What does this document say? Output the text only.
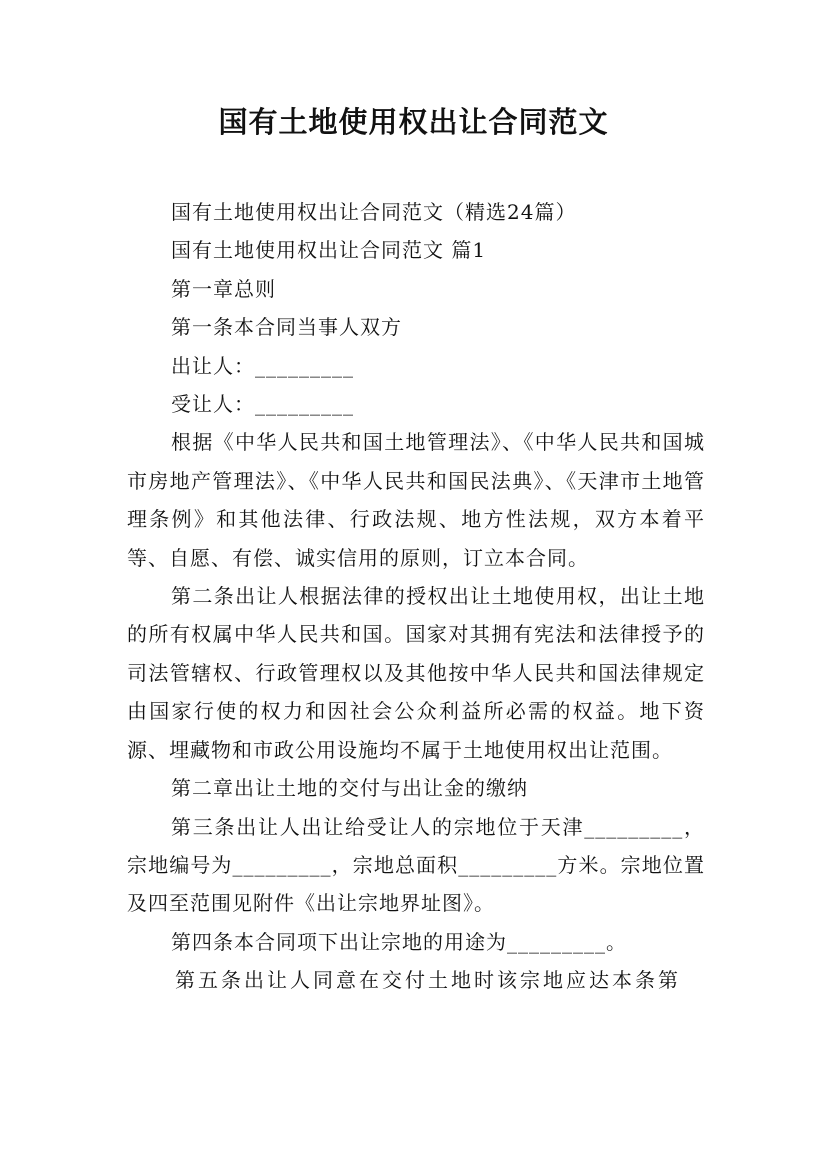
国有土地使用权出让合同范文

国有土地使用权出让合同范文（精选24篇）

国有土地使用权出让合同范文 篇1

第一章总则

第一条本合同当事人双方

出让人：_________

受让人：_________

根据《中华人民共和国土地管理法》、《中华人民共和国城市房地产管理法》、《中华人民共和国民法典》、《天津市土地管理条例》和其他法律、行政法规、地方性法规，双方本着平等、自愿、有偿、诚实信用的原则，订立本合同。

第二条出让人根据法律的授权出让土地使用权，出让土地的所有权属中华人民共和国。国家对其拥有宪法和法律授予的司法管辖权、行政管理权以及其他按中华人民共和国法律规定由国家行使的权力和因社会公众利益所必需的权益。地下资源、埋藏物和市政公用设施均不属于土地使用权出让范围。

第二章出让土地的交付与出让金的缴纳

第三条出让人出让给受让人的宗地位于天津_________，宗地编号为_________，宗地总面积_________方米。宗地位置及四至范围见附件《出让宗地界址图》。

第四条本合同项下出让宗地的用途为_________。

第五条出让人同意在交付土地时该宗地应达本条第
